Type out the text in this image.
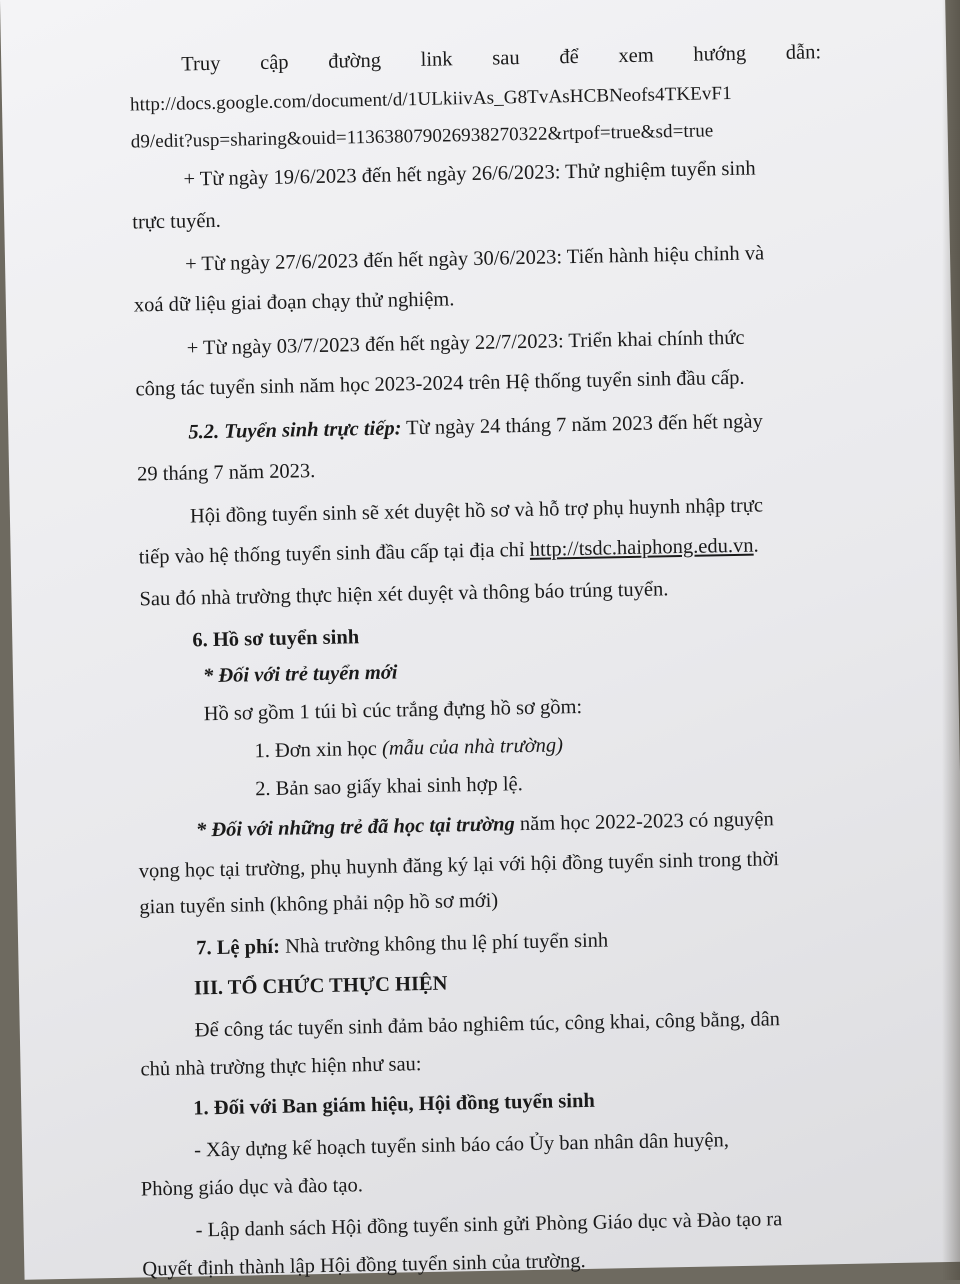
Truy cập đường link sau để xem hướng dẫn:
http://docs.google.com/document/d/1ULkiivAs_G8TvAsHCBNeofs4TKEvF1
d9/edit?usp=sharing&ouid=113638079026938270322&rtpof=true&sd=true
+ Từ ngày 19/6/2023 đến hết ngày 26/6/2023: Thử nghiệm tuyển sinh
trực tuyến.
+ Từ ngày 27/6/2023 đến hết ngày 30/6/2023: Tiến hành hiệu chỉnh và
xoá dữ liệu giai đoạn chạy thử nghiệm.
+ Từ ngày 03/7/2023 đến hết ngày 22/7/2023: Triển khai chính thức
công tác tuyển sinh năm học 2023-2024 trên Hệ thống tuyển sinh đầu cấp.
5.2. Tuyển sinh trực tiếp: Từ ngày 24 tháng 7 năm 2023 đến hết ngày
29 tháng 7 năm 2023.
Hội đồng tuyển sinh sẽ xét duyệt hồ sơ và hỗ trợ phụ huynh nhập trực
tiếp vào hệ thống tuyển sinh đầu cấp tại địa chỉ http://tsdc.haiphong.edu.vn.
Sau đó nhà trường thực hiện xét duyệt và thông báo trúng tuyển.
6. Hồ sơ tuyển sinh
* Đối với trẻ tuyển mới
Hồ sơ gồm 1 túi bì cúc trắng đựng hồ sơ gồm:
1. Đơn xin học (mẫu của nhà trường)
2. Bản sao giấy khai sinh hợp lệ.
* Đối với những trẻ đã học tại trường năm học 2022-2023 có nguyện
vọng học tại trường, phụ huynh đăng ký lại với hội đồng tuyển sinh trong thời
gian tuyển sinh (không phải nộp hồ sơ mới)
7. Lệ phí: Nhà trường không thu lệ phí tuyển sinh
III. TỔ CHỨC THỰC HIỆN
Để công tác tuyển sinh đảm bảo nghiêm túc, công khai, công bằng, dân
chủ nhà trường thực hiện như sau:
1. Đối với Ban giám hiệu, Hội đồng tuyển sinh
- Xây dựng kế hoạch tuyển sinh báo cáo Ủy ban nhân dân huyện,
Phòng giáo dục và đào tạo.
- Lập danh sách Hội đồng tuyển sinh gửi Phòng Giáo dục và Đào tạo ra
Quyết định thành lập Hội đồng tuyển sinh của trường.
